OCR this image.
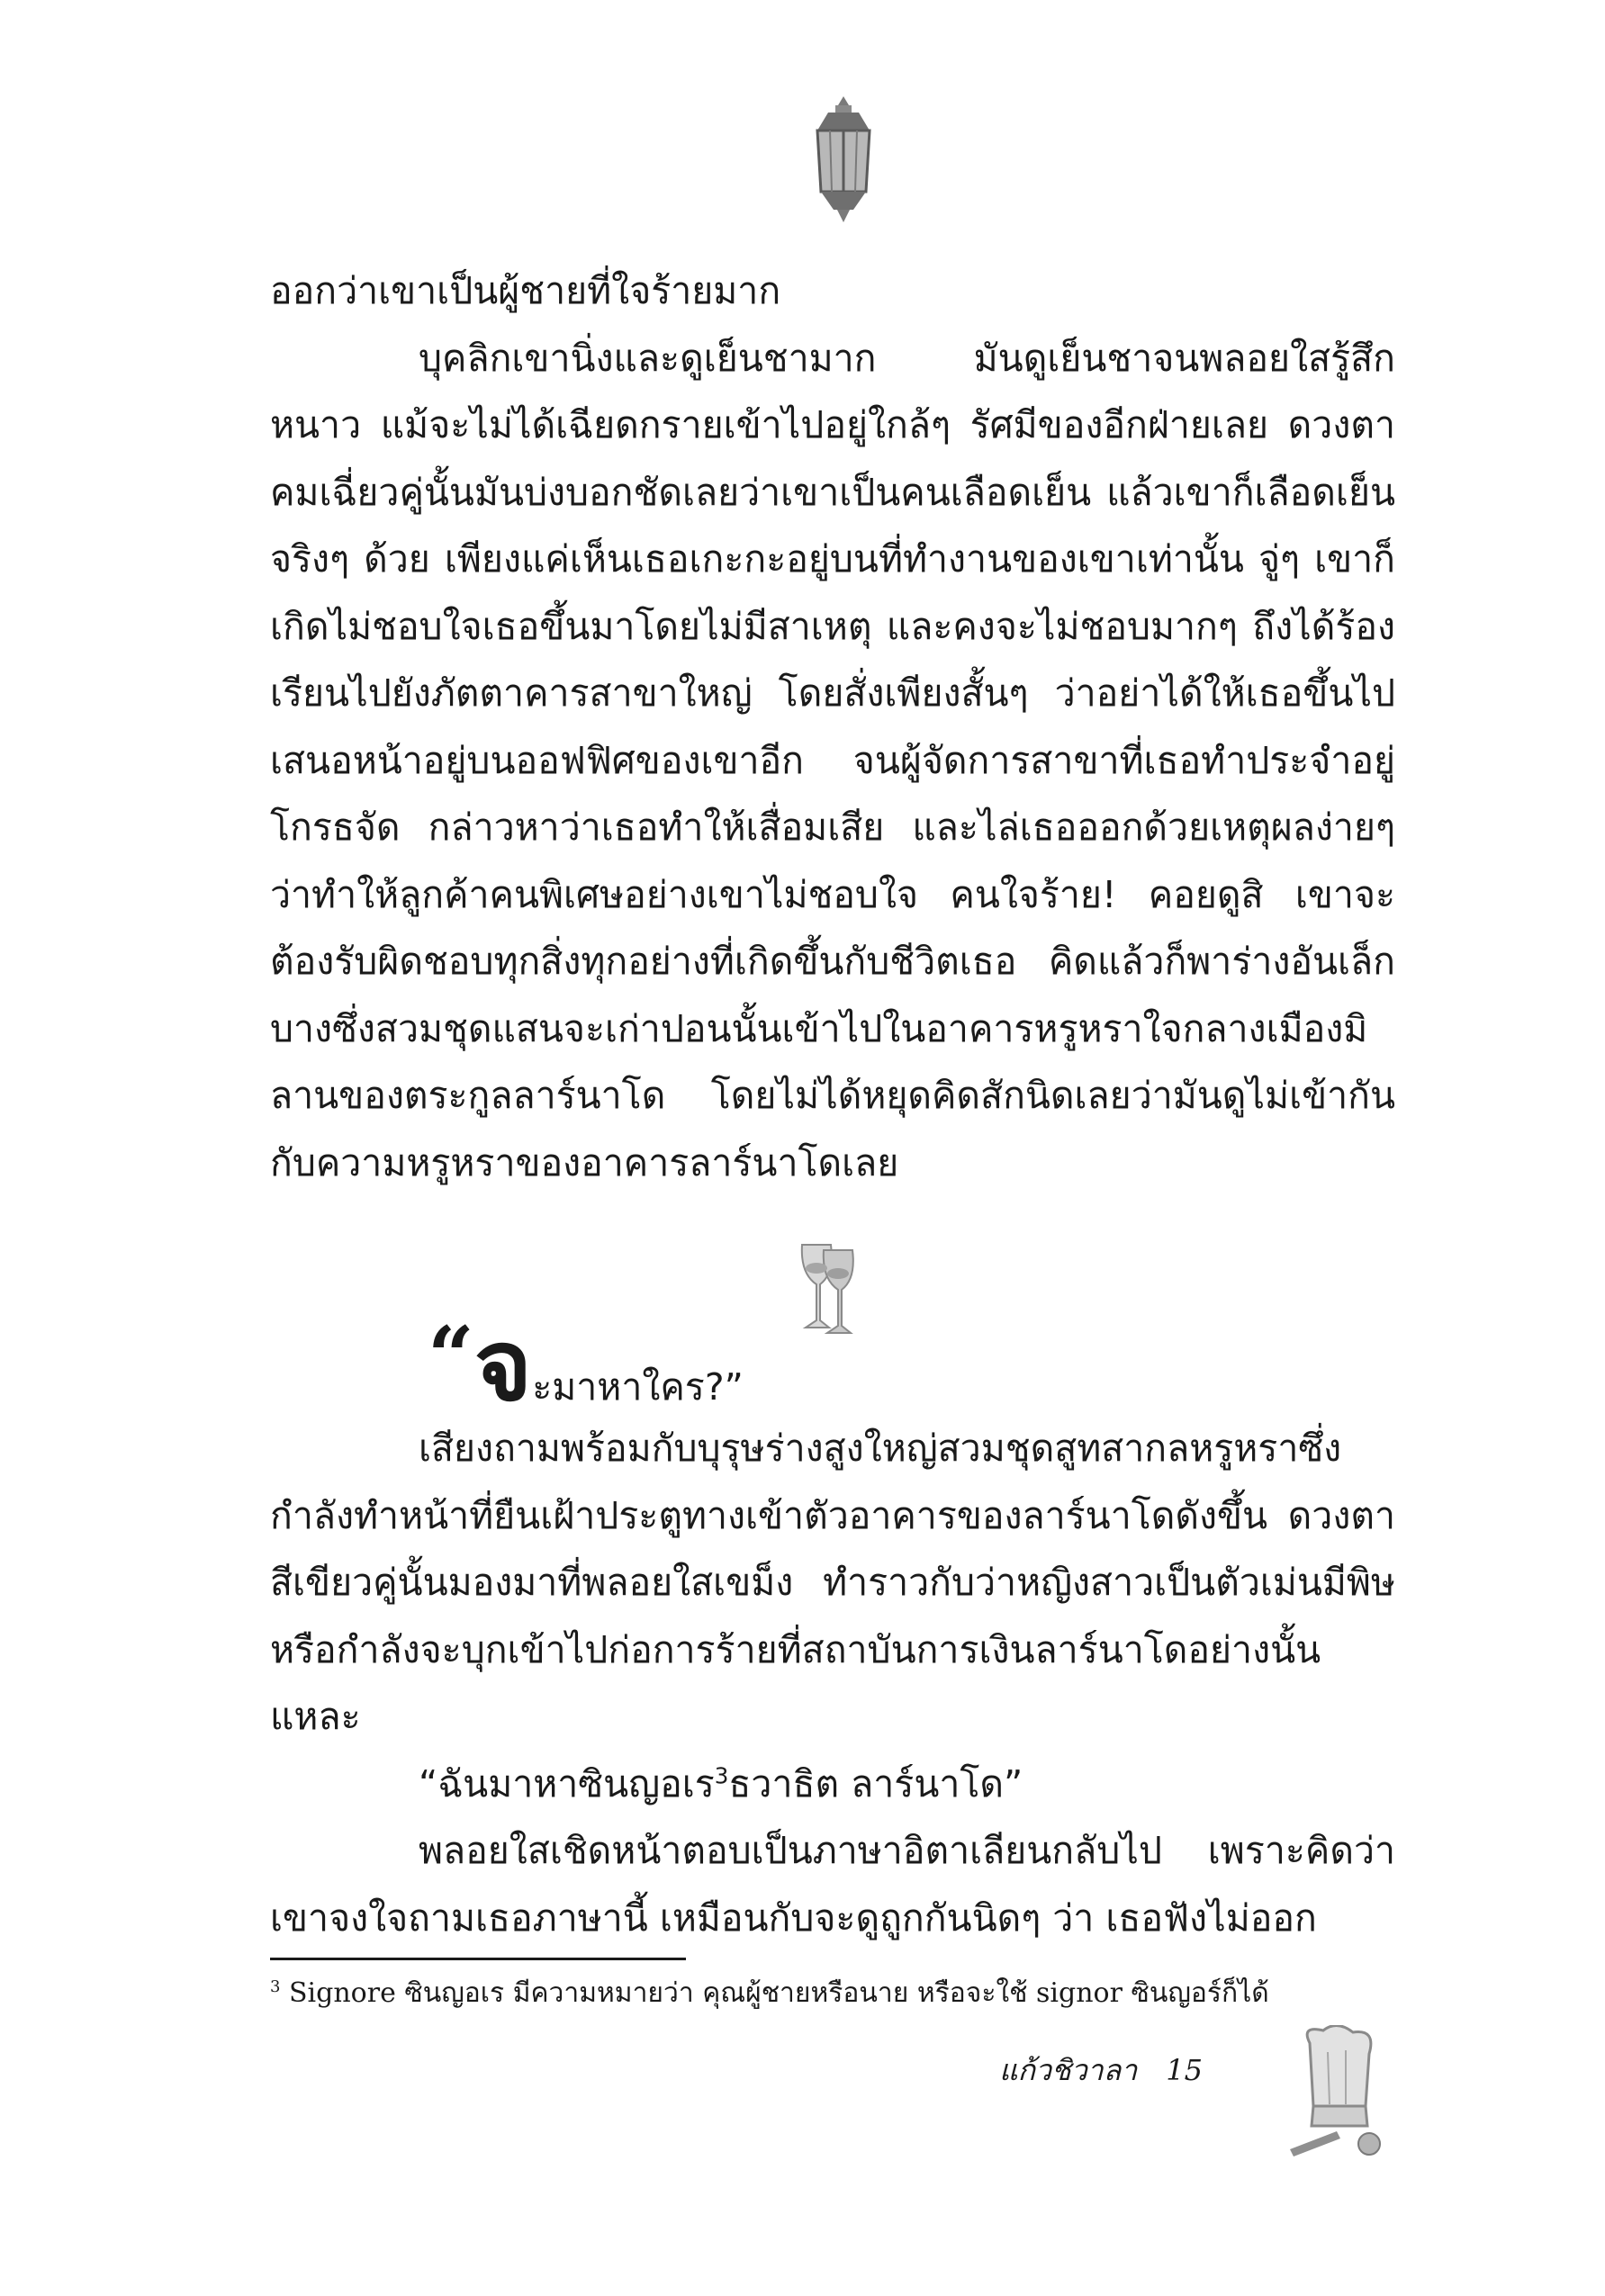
ออกว่าเขาเป็นผู้ชายที่ใจร้ายมาก

บุคลิกเขานิ่งและดูเย็นชามาก มันดูเย็นชาจนพลอยใสรู้สึกหนาว แม้จะไม่ได้เฉียดกรายเข้าไปอยู่ใกล้ๆ รัศมีของอีกฝ่ายเลย ดวงตาคมเฉี่ยวคู่นั้นมันบ่งบอกชัดเลยว่าเขาเป็นคนเลือดเย็น แล้วเขาก็เลือดเย็นจริงๆ ด้วย เพียงแค่เห็นเธอเกะกะอยู่บนที่ทำงานของเขาเท่านั้น จู่ๆ เขาก็เกิดไม่ชอบใจเธอขึ้นมาโดยไม่มีสาเหตุ และคงจะไม่ชอบมากๆ ถึงได้ร้องเรียนไปยังภัตตาคารสาขาใหญ่ โดยสั่งเพียงสั้นๆ ว่าอย่าได้ให้เธอขึ้นไปเสนอหน้าอยู่บนออฟฟิศของเขาอีก จนผู้จัดการสาขาที่เธอทำประจำอยู่โกรธจัด กล่าวหาว่าเธอทำให้เสื่อมเสีย และไล่เธอออกด้วยเหตุผลง่ายๆ ว่าทำให้ลูกค้าคนพิเศษอย่างเขาไม่ชอบใจ คนใจร้าย! คอยดูสิ เขาจะต้องรับผิดชอบทุกสิ่งทุกอย่างที่เกิดขึ้นกับชีวิตเธอ คิดแล้วก็พาร่างอันเล็กบางซึ่งสวมชุดแสนจะเก่าปอนนั้นเข้าไปในอาคารหรูหราใจกลางเมืองมิลานของตระกูลลาร์นาโด โดยไม่ได้หยุดคิดสักนิดเลยว่ามันดูไม่เข้ากันกับความหรูหราของอาคารลาร์นาโดเลย

“ จ ะมาหาใคร?”

เสียงถามพร้อมกับบุรุษร่างสูงใหญ่สวมชุดสูทสากลหรูหราซึ่งกำลังทำหน้าที่ยืนเฝ้าประตูทางเข้าตัวอาคารของลาร์นาโดดังขึ้น ดวงตาสีเขียวคู่นั้นมองมาที่พลอยใสเขม็ง ทำราวกับว่าหญิงสาวเป็นตัวเม่นมีพิษ หรือกำลังจะบุกเข้าไปก่อการร้ายที่สถาบันการเงินลาร์นาโดอย่างนั้นแหละ

“ฉันมาหาซินญอเร$^3$ธวาธิต ลาร์นาโด”

พลอยใสเชิดหน้าตอบเป็นภาษาอิตาเลียนกลับไป เพราะคิดว่าเขาจงใจถามเธอภาษานี้ เหมือนกับจะดูถูกกันนิดๆ ว่า เธอฟังไม่ออก

$^3$ Signore ซินญอเร มีความหมายว่า คุณผู้ชายหรือนาย หรือจะใช้ signor ซินญอร์ก็ได้
แก้วชิวาลา 15
